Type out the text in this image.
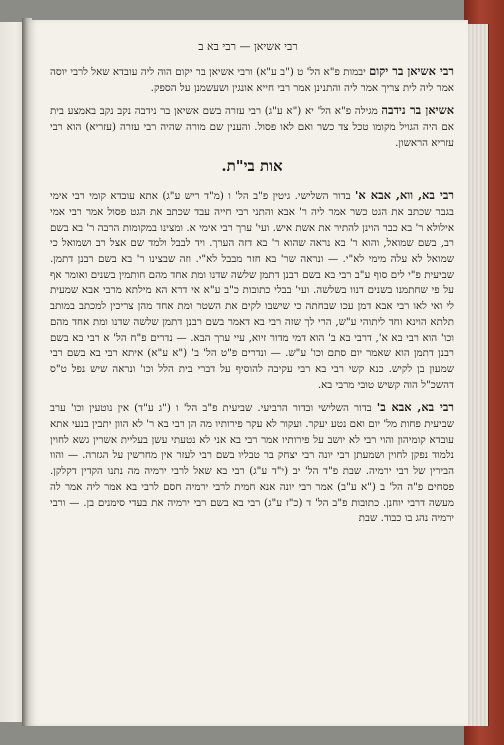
רבי אשיאן — רבי בא ב

רבי אשיאן בר יקום יבמות פ"א הל' ט ("ב ע"א) ורבי אשיאן בר יקום הוה ליה עובדא שאל לרבי יוסה אמר ליה לית צריך אמר ליה והתנינן אמר רבי חייא אונגין ושעשמנן על הספק.

אשיאן בר נידבה מגילה פ"א הל' יא ("א ע"ג) רבי עזרה בשם אשיאן בר נידבה נקב נקב באמצע בית אם היה הגויל מקומו טכל צד כשר ואם לאו פסול. והענין שם מורה שהיה רבי עזרה (עזריא) הוא רבי עזריא הראשון.

אות בי"ת.

רבי בא, ווא, אבא א' בדור השלישי. גיטין פ"ב הל' ו (מ"ד ריש ע"ג) אתא עובדא קומי רבי אימי בגבר שכתב את הגט כשר אמר ליה ר' אבא והתני רבי חייה עבד שכתב את הגט פסול אמר רבי אמי אילולא ר' בא כבר הוינן להתיר את אשת איש. ועי' ערך רבי אימי א. ומצינו במקומות הרבה ר' בא בשם רב, בשם שמואל, והוא ר' בא נראה שהוא ר' בא דזה הערך. ויד לבבל ולמד שם אצל רב ושמואל כי שמואל לא עלה מימי לא"י. — ונראה שר' בא חזר מבבל לא"י. וזה שבצינו ר' בא בשם רבנן דתמן. שביעית פ"י לים סוף ע"ב רבי בא בשם רבנן דתמן שלשה שדנו ומת אחד מהם חותמין בשנים ואומר אף על פי שחתמנו בשנים דנוו בשלשה. ועי' בבלי כתובות כ"ב ע"א אי דרא הא מילתא מרבי אבא שמעית לי ואי לאו רבי אבא דמן עכו שבחתה כי שישבו לקים את השטר ומת אחד מהן צריכין למכתב במותב תלתא הוינא וחד ליתוהי ע"ש, הרי לך שזה רבי בא דאמר בשם רבנן דתמן שלשה שדנו ומת אחד מהם וכו' הוא רבי בא א', דרבי בא ב' הוא דמי מדור זיוא, עיי ערך הבא. — נדרים פ"ח הל' א רבי בא בשם רבנן דתמן הוא שאמר יום סתם וכו' ע"ש. — ונדרים פ"ט הל' ב' ("א ע"א) איתא רבי בא בשם רבי שמעון בן לקיש. כנא קשי רבי בא רבי עקיבה להוסיף על דברי בית הלל וכו' ונראה שיש נפל ט"ס דהשכ"ל הוה קשיש טובי מרבי בא.

רבי בא, אבא ב' בדור השלישי ובדור הרביעי. שביעית פ"ב הל' ו ("ג ע"ד) אין נוטעין וכו' ערב שביעית פחות מל' יום ואם נטע יעקר. ועקור לא עקר פירותיו מה הן רבי בא ר' לא הוון יתבין בנעי אתא עובדא קומיהון והוי רבי לא יושב על פירותיו אמר רבי בא אני לא נטעתי עשן בעליית אשרין גשא לחוין נלמוד נפקן לחוין ושמעתן רבי יונה רבי יצחק בר טבליו בשם רבי לעזר אין מחרשין על הגזרה. — והוו הבירין של רבי ירמיה. שבת פ"ד הל' יב (י"ד ע"ג) רבי בא שאל לרבי ירמיה מה נתנו הקדין דקלקן. פסחים פ"ה הל' ב ("א ע"ב) אמר רבי יונה אנא חמית לרבי ירמיה חסם לרבי בא אמר ליה אמר לה מעשה דרבי יוחנן. כתובות פ"ב הל' ד (כ"ז ע"ג) רבי בא בשם רבי ירמיה את בעדי סימנים בן. — ורבי ירמיה נהג בו כבוד. שבת
